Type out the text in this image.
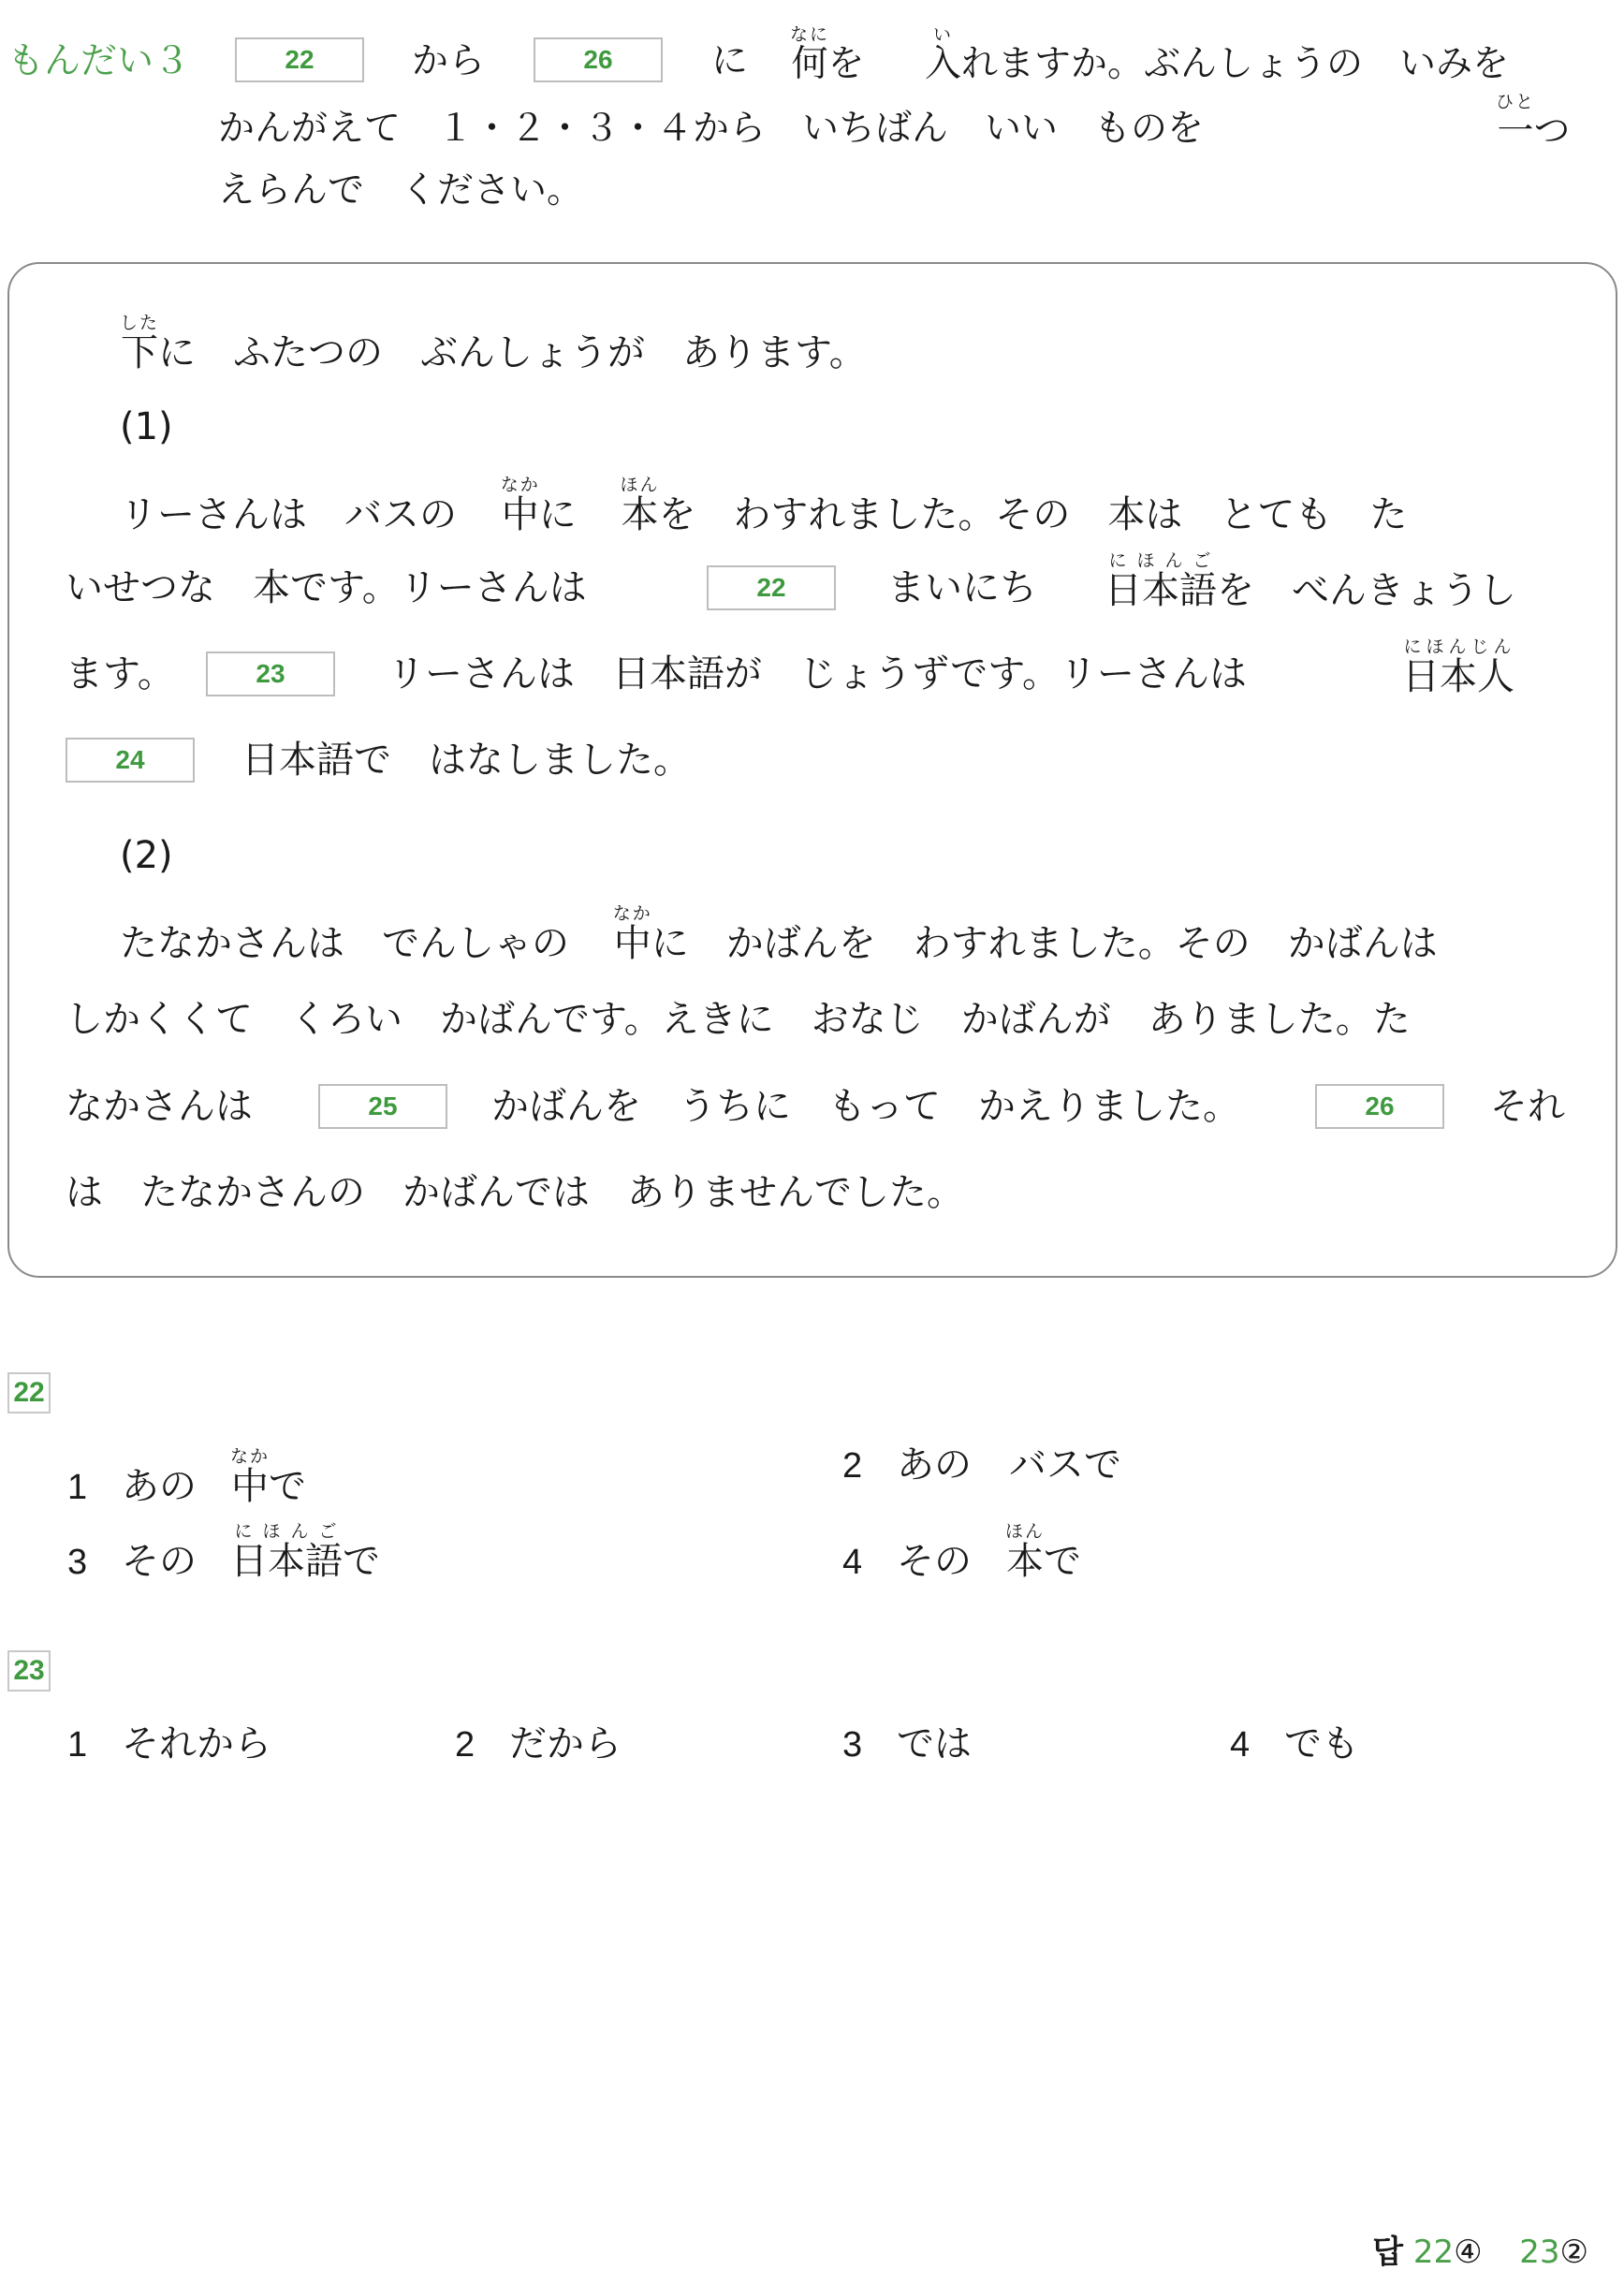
もんだい３	22	から	26	に 何なにを 入いれますか。ぶんしょうの　いみを
かんがえて　１・２・３・４から　いちばん　いい　ものを	一ひとつ
えらんで　ください。
下したに　ふたつの　ぶんしょうが　あります。
(1)
リーさんは　バスの 中なかに 本ほんを　わすれました。その　本は　とても　た
いせつな　本です。リーさんは	22	まいにち 日本語にほんごを　べんきょうし
ます。	23	リーさんは　日本語が　じょうずです。リーさんは	日本人にほんじん
24	日本語で　はなしました。
(2)
たなかさんは　でんしゃの 中なかに　かばんを　わすれました。その　かばんは
しかくくて　くろい　かばんです。えきに　おなじ　かばんが　ありました。た
なかさんは	25	かばんを　うちに　もって　かえりました。	26	それ
は　たなかさんの　かばんでは　ありませんでした。
22
1 あの 中なかで	2 あの　バスで
3 その 日本語にほんごで	4 その 本ほんで
23
1 それから	2 だから	3 では	4 でも
답 22④ 23②
